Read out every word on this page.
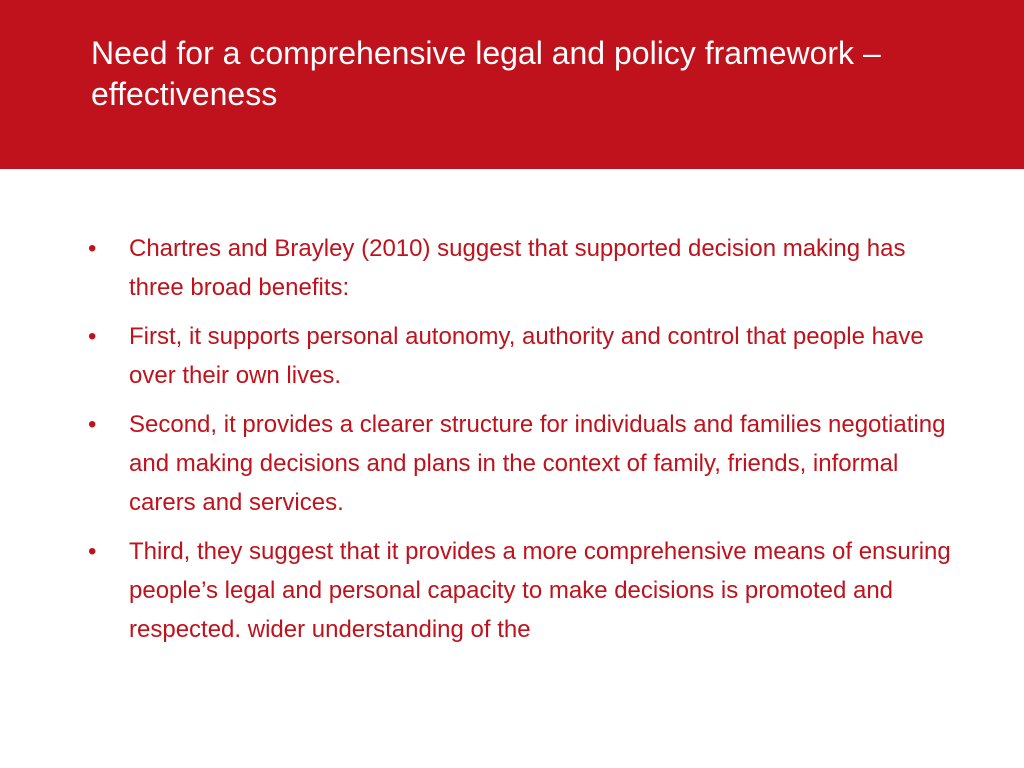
Need for a comprehensive legal and policy framework – effectiveness
• Chartres and Brayley (2010) suggest that supported decision making has three broad benefits:
• First, it supports personal autonomy, authority and control that people have over their own lives.
• Second, it provides a clearer structure for individuals and families negotiating and making decisions and plans in the context of family, friends, informal carers and services.
• Third, they suggest that it provides a more comprehensive means of ensuring people’s legal and personal capacity to make decisions is promoted and respected. wider understanding of the
